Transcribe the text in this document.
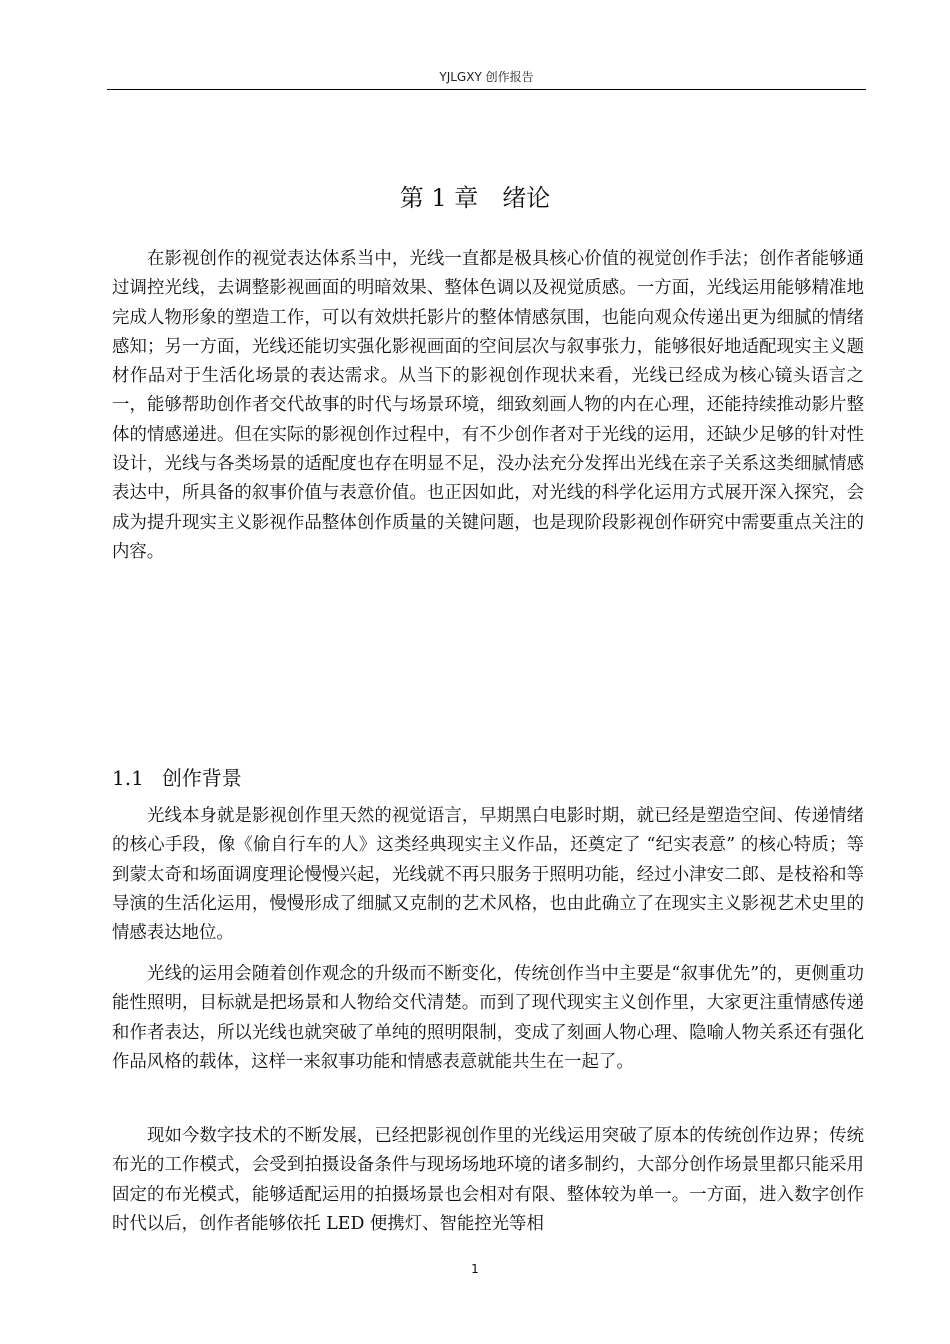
YJLGXY 创作报告
第 1 章　绪论

在影视创作的视觉表达体系当中，光线一直都是极具核心价值的视觉创作手法；创作者能够通过调控光线，去调整影视画面的明暗效果、整体色调以及视觉质感。一方面，光线运用能够精准地完成人物形象的塑造工作，可以有效烘托影片的整体情感氛围，也能向观众传递出更为细腻的情绪感知；另一方面，光线还能切实强化影视画面的空间层次与叙事张力，能够很好地适配现实主义题材作品对于生活化场景的表达需求。从当下的影视创作现状来看，光线已经成为核心镜头语言之一，能够帮助创作者交代故事的时代与场景环境，细致刻画人物的内在心理，还能持续推动影片整体的情感递进。但在实际的影视创作过程中，有不少创作者对于光线的运用，还缺少足够的针对性设计，光线与各类场景的适配度也存在明显不足，没办法充分发挥出光线在亲子关系这类细腻情感表达中，所具备的叙事价值与表意价值。也正因如此，对光线的科学化运用方式展开深入探究，会成为提升现实主义影视作品整体创作质量的关键问题，也是现阶段影视创作研究中需要重点关注的内容。

1.1 创作背景

光线本身就是影视创作里天然的视觉语言，早期黑白电影时期，就已经是塑造空间、传递情绪的核心手段，像《偷自行车的人》这类经典现实主义作品，还奠定了 “纪实表意” 的核心特质；等到蒙太奇和场面调度理论慢慢兴起，光线就不再只服务于照明功能，经过小津安二郎、是枝裕和等导演的生活化运用，慢慢形成了细腻又克制的艺术风格，也由此确立了在现实主义影视艺术史里的情感表达地位。

光线的运用会随着创作观念的升级而不断变化，传统创作当中主要是“叙事优先”的，更侧重功能性照明，目标就是把场景和人物给交代清楚。而到了现代现实主义创作里，大家更注重情感传递和作者表达，所以光线也就突破了单纯的照明限制，变成了刻画人物心理、隐喻人物关系还有强化作品风格的载体，这样一来叙事功能和情感表意就能共生在一起了。

现如今数字技术的不断发展，已经把影视创作里的光线运用突破了原本的传统创作边界；传统布光的工作模式，会受到拍摄设备条件与现场场地环境的诸多制约，大部分创作场景里都只能采用固定的布光模式，能够适配运用的拍摄场景也会相对有限、整体较为单一。一方面，进入数字创作时代以后，创作者能够依托 LED 便携灯、智能控光等相

1
